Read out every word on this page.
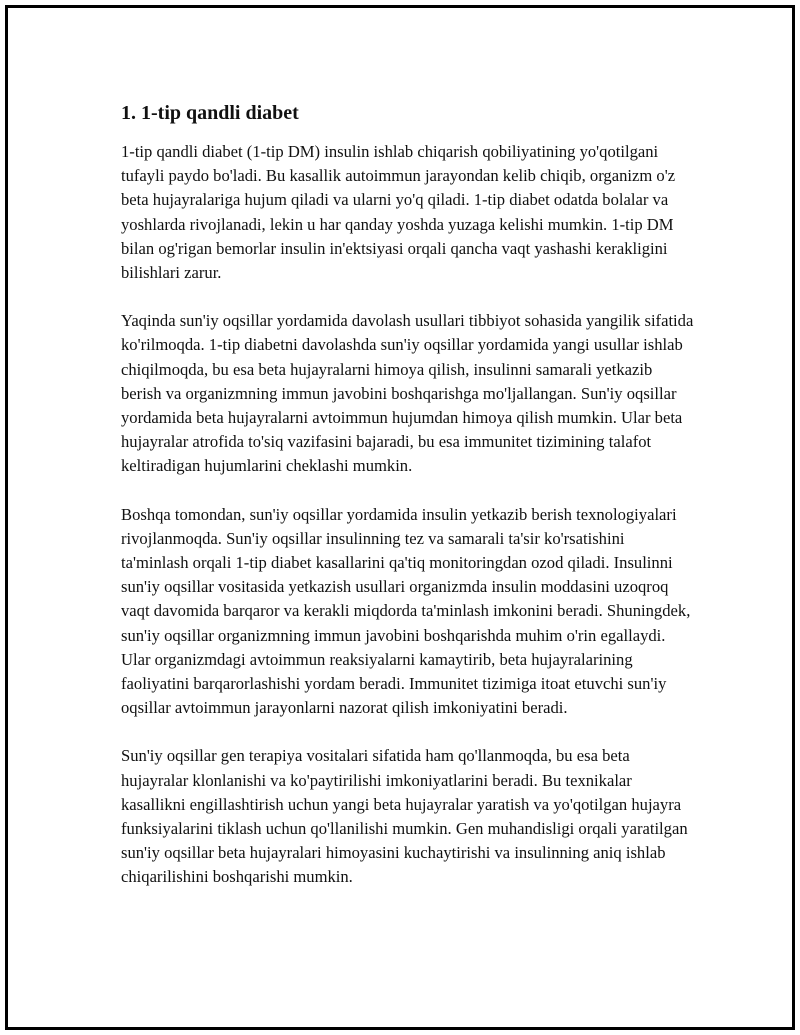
1. 1-tip qandli diabet

1-tip qandli diabet (1-tip DM) insulin ishlab chiqarish qobiliyatining yo'qotilgani tufayli paydo bo'ladi. Bu kasallik autoimmun jarayondan kelib chiqib, organizm o'z beta hujayralariga hujum qiladi va ularni yo'q qiladi. 1-tip diabet odatda bolalar va yoshlarda rivojlanadi, lekin u har qanday yoshda yuzaga kelishi mumkin. 1-tip DM bilan og'rigan bemorlar insulin in'ektsiyasi orqali qancha vaqt yashashi kerakligini bilishlari zarur.

Yaqinda sun'iy oqsillar yordamida davolash usullari tibbiyot sohasida yangilik sifatida ko'rilmoqda. 1-tip diabetni davolashda sun'iy oqsillar yordamida yangi usullar ishlab chiqilmoqda, bu esa beta hujayralarni himoya qilish, insulinni samarali yetkazib berish va organizmning immun javobini boshqarishga mo'ljallangan. Sun'iy oqsillar yordamida beta hujayralarni avtoimmun hujumdan himoya qilish mumkin. Ular beta hujayralar atrofida to'siq vazifasini bajaradi, bu esa immunitet tizimining talafot keltiradigan hujumlarini cheklashi mumkin.

Boshqa tomondan, sun'iy oqsillar yordamida insulin yetkazib berish texnologiyalari rivojlanmoqda. Sun'iy oqsillar insulinning tez va samarali ta'sir ko'rsatishini ta'minlash orqali 1-tip diabet kasallarini qa'tiq monitoringdan ozod qiladi. Insulinni sun'iy oqsillar vositasida yetkazish usullari organizmda insulin moddasini uzoqroq vaqt davomida barqaror va kerakli miqdorda ta'minlash imkonini beradi. Shuningdek, sun'iy oqsillar organizmning immun javobini boshqarishda muhim o'rin egallaydi. Ular organizmdagi avtoimmun reaksiyalarni kamaytirib, beta hujayralarining faoliyatini barqarorlashishi yordam beradi. Immunitet tizimiga itoat etuvchi sun'iy oqsillar avtoimmun jarayonlarni nazorat qilish imkoniyatini beradi.

Sun'iy oqsillar gen terapiya vositalari sifatida ham qo'llanmoqda, bu esa beta hujayralar klonlanishi va ko'paytirilishi imkoniyatlarini beradi. Bu texnikalar kasallikni engillashtirish uchun yangi beta hujayralar yaratish va yo'qotilgan hujayra funksiyalarini tiklash uchun qo'llanilishi mumkin. Gen muhandisligi orqali yaratilgan sun'iy oqsillar beta hujayralari himoyasini kuchaytirishi va insulinning aniq ishlab chiqarilishini boshqarishi mumkin.
